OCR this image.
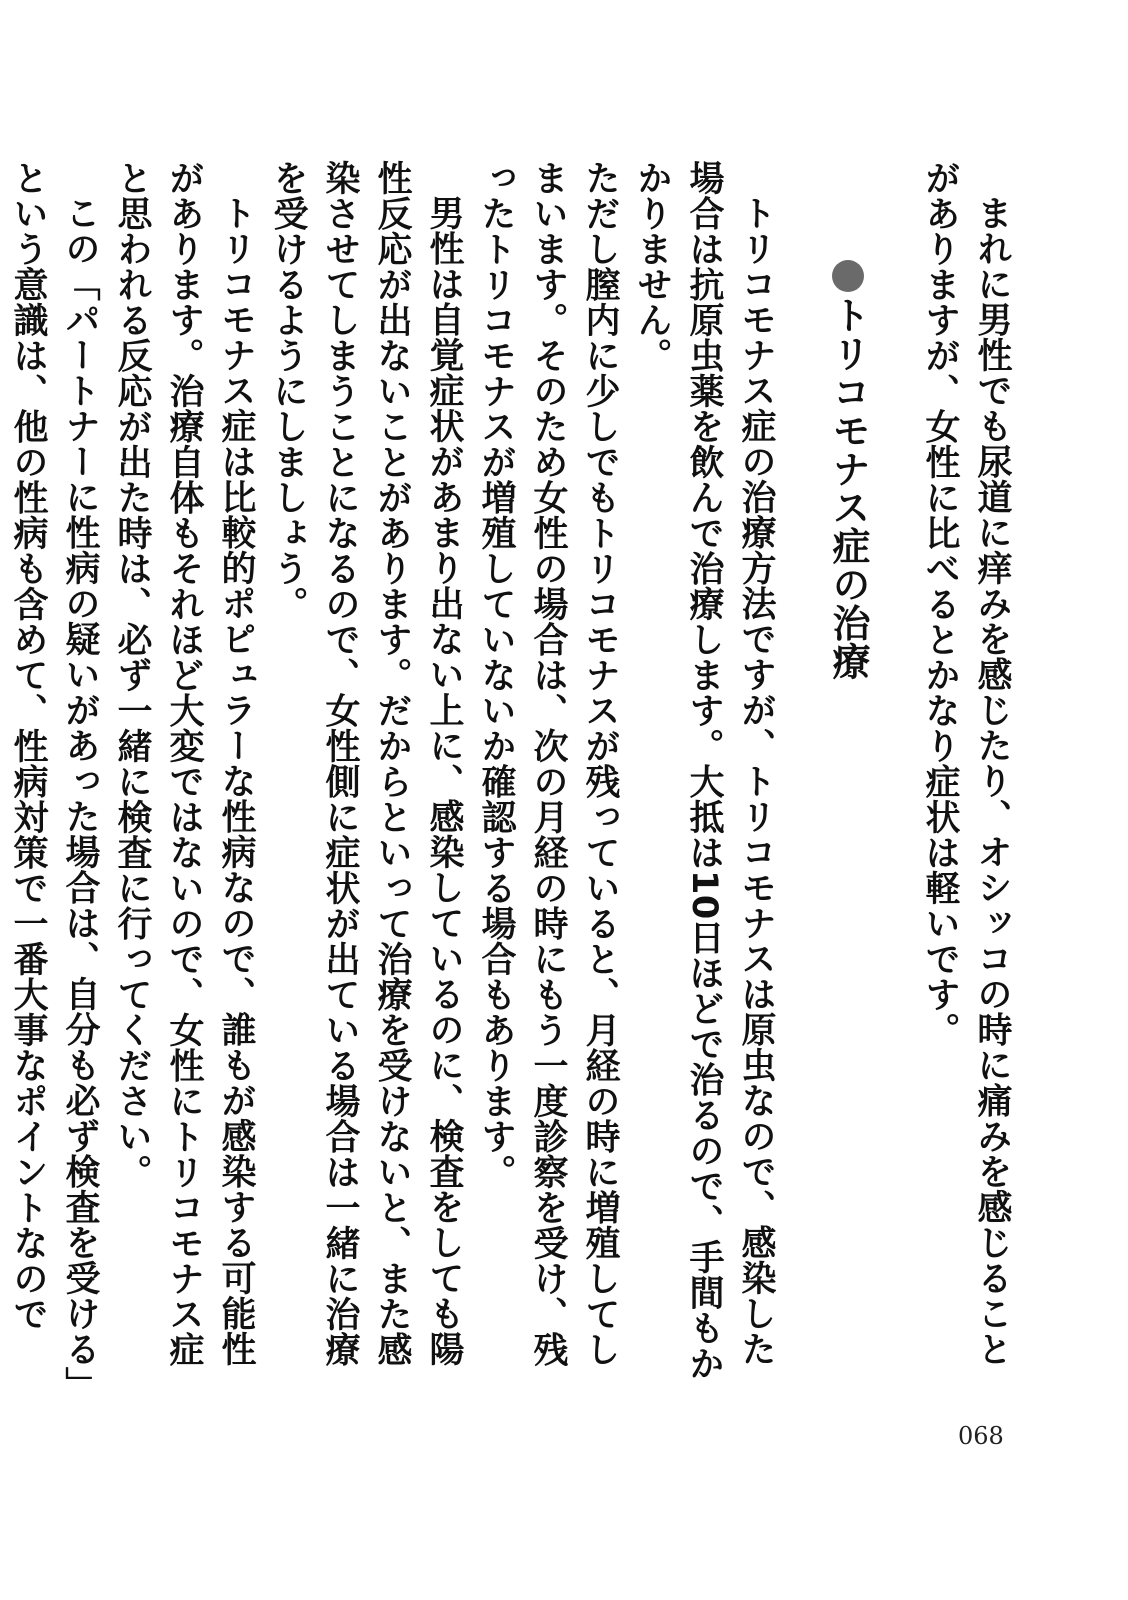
まれに男性でも尿道に痒みを感じたり、オシッコの時に痛みを感じることがありますが、女性に比べるとかなり症状は軽いです。

トリコモナス症の治療

トリコモナス症の治療方法ですが、トリコモナスは原虫なので、感染した場合は抗原虫薬を飲んで治療します。大抵は10日ほどで治るので、手間もかかりません。

ただし膣内に少しでもトリコモナスが残っていると、月経の時に増殖してしまいます。そのため女性の場合は、次の月経の時にもう一度診察を受け、残ったトリコモナスが増殖していないか確認する場合もあります。

男性は自覚症状があまり出ない上に、感染しているのに、検査をしても陽性反応が出ないことがあります。だからといって治療を受けないと、また感染させてしまうことになるので、女性側に症状が出ている場合は一緒に治療を受けるようにしましょう。

トリコモナス症は比較的ポピュラーな性病なので、誰もが感染する可能性があります。治療自体もそれほど大変ではないので、女性にトリコモナス症と思われる反応が出た時は、必ず一緒に検査に行ってください。

この「パートナーに性病の疑いがあった場合は、自分も必ず検査を受ける」という意識は、他の性病も含めて、性病対策で一番大事なポイントなので

068
